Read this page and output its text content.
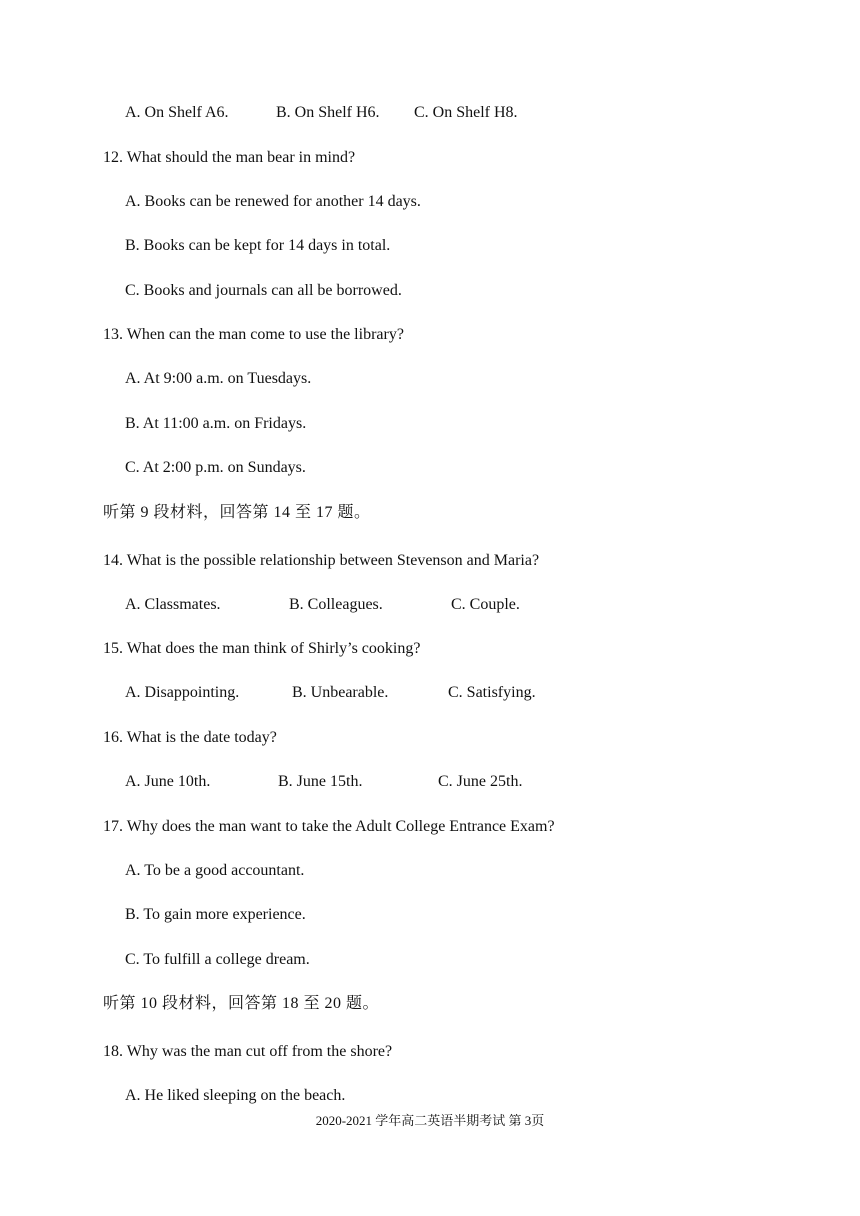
A. On Shelf A6.	B. On Shelf H6. C. On Shelf H8.
12. What should the man bear in mind?
A. Books can be renewed for another 14 days.
B. Books can be kept for 14 days in total.
C. Books and journals can all be borrowed.
13. When can the man come to use the library?
A. At 9:00 a.m. on Tuesdays.
B. At 11:00 a.m. on Fridays.
C. At 2:00 p.m. on Sundays.
听第 9 段材料，回答第 14 至 17 题。
14. What is the possible relationship between Stevenson and Maria?
A. Classmates.	B. Colleagues.	C. Couple.
15. What does the man think of Shirly’s cooking?
A. Disappointing.	B. Unbearable.	C. Satisfying.
16. What is the date today?
A. June 10th.	B. June 15th.	C. June 25th.
17. Why does the man want to take the Adult College Entrance Exam?
A. To be a good accountant.
B. To gain more experience.
C. To fulfill a college dream.
听第 10 段材料，回答第 18 至 20 题。
18. Why was the man cut off from the shore?
A. He liked sleeping on the beach.
2020-2021 学年高二英语半期考试 第 3页
